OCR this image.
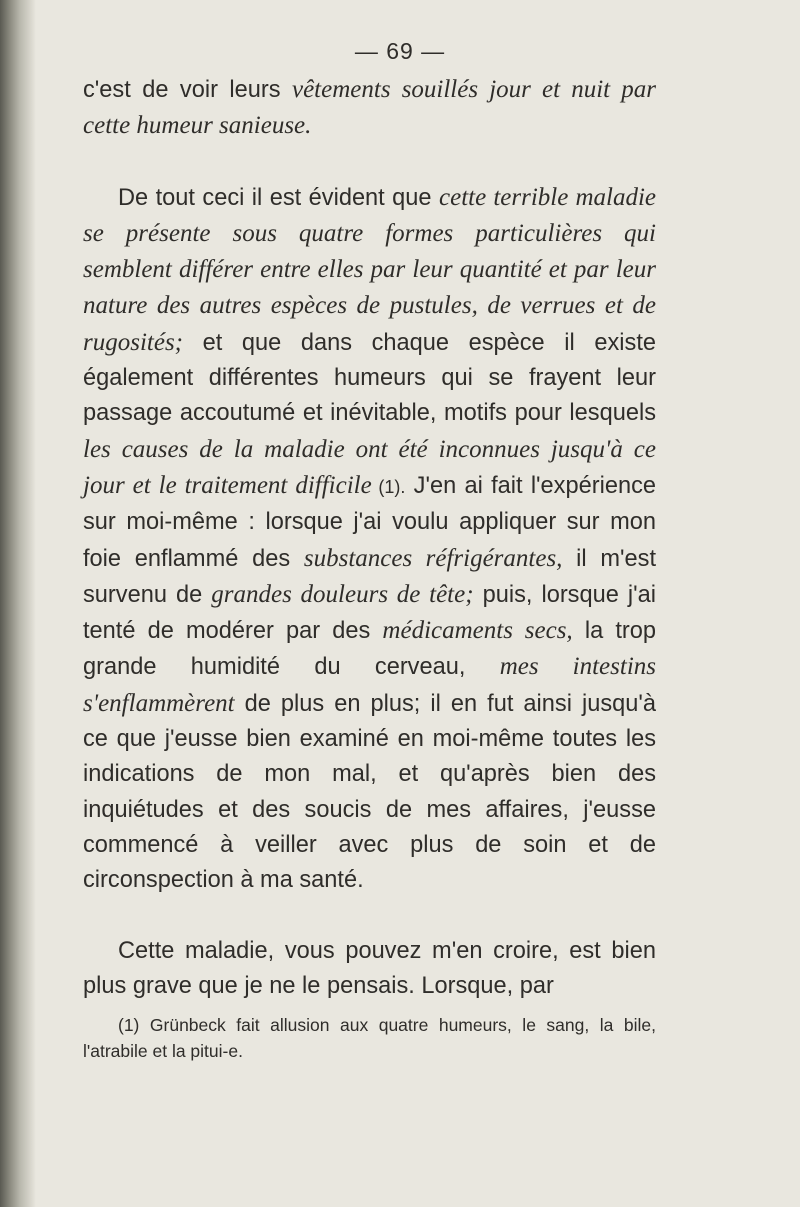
— 69 —

c'est de voir leurs vêtements souillés jour et nuit par cette humeur sanieuse.

De tout ceci il est évident que cette terrible maladie se présente sous quatre formes particulières qui semblent différer entre elles par leur quantité et par leur nature des autres espèces de pustules, de verrues et de rugosités; et que dans chaque espèce il existe également différentes humeurs qui se frayent leur passage accoutumé et inévitable, motifs pour lesquels les causes de la maladie ont été inconnues jusqu'à ce jour et le traitement difficile (1). J'en ai fait l'expérience sur moi-même : lorsque j'ai voulu appliquer sur mon foie enflammé des substances réfrigérantes, il m'est survenu de grandes douleurs de tête; puis, lorsque j'ai tenté de modérer par des médicaments secs, la trop grande humidité du cerveau, mes intestins s'enflammèrent de plus en plus; il en fut ainsi jusqu'à ce que j'eusse bien examiné en moi-même toutes les indications de mon mal, et qu'après bien des inquiétudes et des soucis de mes affaires, j'eusse commencé à veiller avec plus de soin et de circonspection à ma santé.

Cette maladie, vous pouvez m'en croire, est bien plus grave que je ne le pensais. Lorsque, par

(1) Grünbeck fait allusion aux quatre humeurs, le sang, la bile, l'atrabile et la pitui‑e.
